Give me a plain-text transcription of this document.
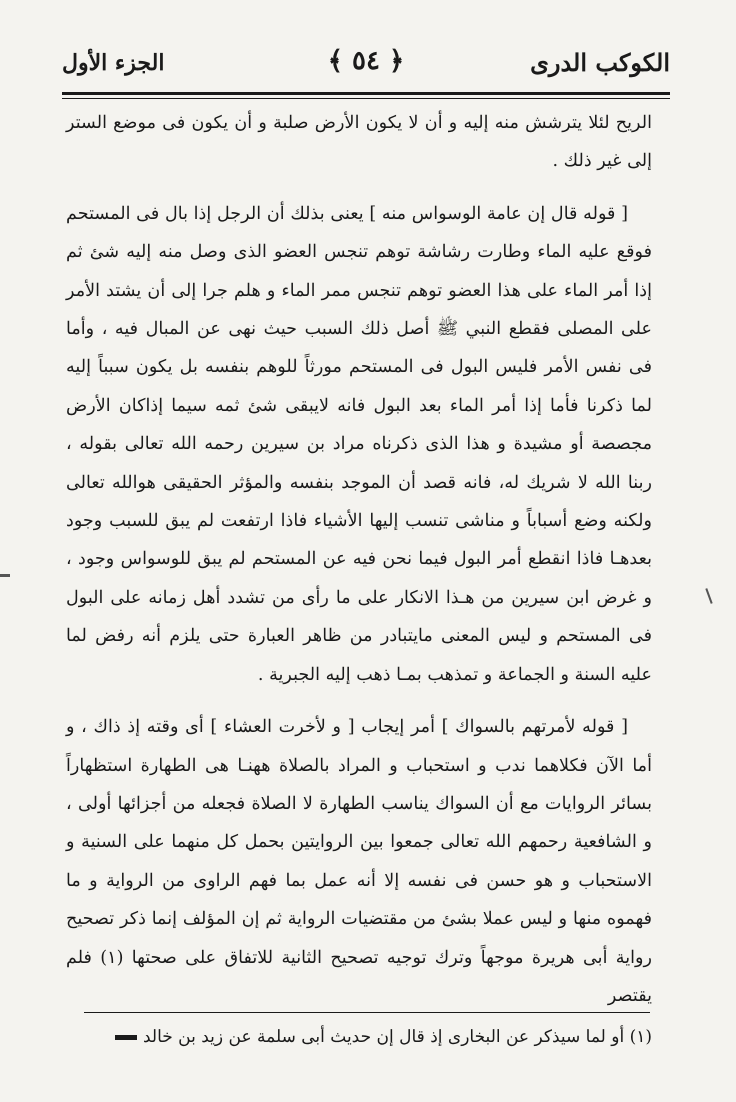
الكوكب الدرى
﴿ ٥٤ ﴾
الجزء الأول

الريح لئلا يترشش منه إليه و أن لا يكون الأرض صلبة و أن يكون فى موضع الستر إلى غير ذلك .

[ قوله قال إن عامة الوسواس منه ] يعنى بذلك أن الرجل إذا بال فى المستحم فوقع عليه الماء وطارت رشاشة توهم تنجس العضو الذى وصل منه إليه شئ ثم إذا أمر الماء على هذا العضو توهم تنجس ممر الماء و هلم جرا إلى أن يشتد الأمر على المصلى فقطع النبي ﷺ أصل ذلك السبب حيث نهى عن المبال فيه ، وأما فى نفس الأمر فليس البول فى المستحم مورثاً للوهم بنفسه بل يكون سبباً إليه لما ذكرنا فأما إذا أمر الماء بعد البول فانه لايبقى شئ ثمه سيما إذاكان الأرض مجصصة أو مشيدة و هذا الذى ذكرناه مراد بن سيرين رحمه الله تعالى بقوله ، ربنا الله لا شريك له، فانه قصد أن الموجد بنفسه والمؤثر الحقيقى هوالله تعالى ولكنه وضع أسباباً و مناشى تنسب إليها الأشياء فاذا ارتفعت لم يبق للسبب وجود بعدهـا فاذا انقطع أمر البول فيما نحن فيه عن المستحم لم يبق للوسواس وجود ، و غرض ابن سيرين من هـذا الانكار على ما رأى من تشدد أهل زمانه على البول فى المستحم و ليس المعنى مايتبادر من ظاهر العبارة حتى يلزم أنه رفض لما عليه السنة و الجماعة و تمذهب بمـا ذهب إليه الجبرية .

[ قوله لأمرتهم بالسواك ] أمر إيجاب [ و لأخرت العشاء ] أى وقته إذ ذاك ، و أما الآن فكلاهما ندب و استحباب و المراد بالصلاة ههنـا هى الطهارة استظهاراً بسائر الروايات مع أن السواك يناسب الطهارة لا الصلاة فجعله من أجزائها أولى ، و الشافعية رحمهم الله تعالى جمعوا بين الروايتين بحمل كل منهما على السنية و الاستحباب و هو حسن فى نفسه إلا أنه عمل بما فهم الراوى من الرواية و ما فهموه منها و ليس عملا بشئ من مقتضيات الرواية ثم إن المؤلف إنما ذكر تصحيح رواية أبى هريرة موجهاً وترك توجيه تصحيح الثانية للاتفاق على صحتها (١) فلم يقتصر

(١) أو لما سيذكر عن البخارى إذ قال إن حديث أبى سلمة عن زيد بن خالد
